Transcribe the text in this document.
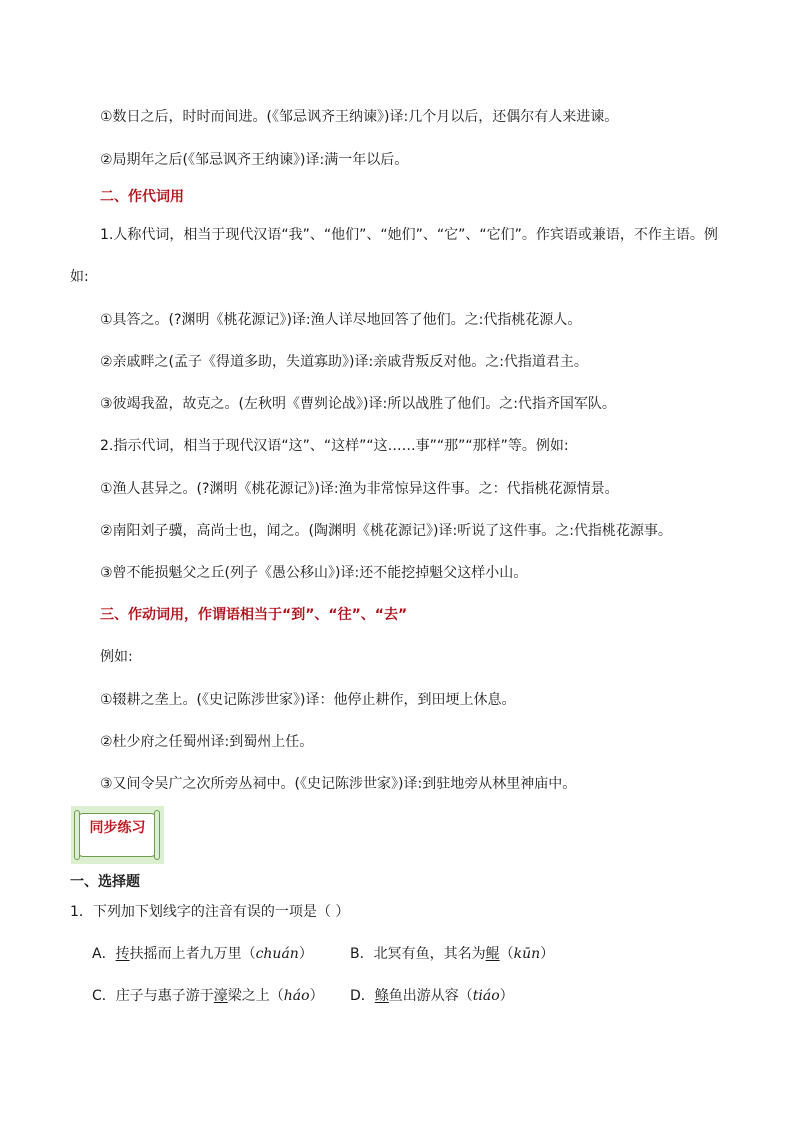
①数日之后，时时而间进。(《邹忌讽齐王纳谏》)译:几个月以后，还偶尔有人来进谏。
②局期年之后(《邹忌讽齐王纳谏》)译:满一年以后。
二、作代词用
1.人称代词，相当于现代汉语“我”、“他们”、“她们”、“它”、“它们”。作宾语或兼语，不作主语。例
如:
①具答之。(?渊明《桃花源记》)译:渔人详尽地回答了他们。之:代指桃花源人。
②亲戚畔之(孟子《得道多助，失道寡助》)译:亲戚背叛反对他。之:代指道君主。
③彼竭我盈，故克之。(左秋明《曹刿论战》)译:所以战胜了他们。之:代指齐国军队。
2.指示代词，相当于现代汉语“这”、“这样”“这……事”“那”“那样”等。例如:
①渔人甚异之。(?渊明《桃花源记》)译:渔为非常惊异这件事。之：代指桃花源情景。
②南阳刘子骥，高尚士也，闻之。(陶渊明《桃花源记》)译:听说了这件事。之:代指桃花源事。
③曾不能损魁父之丘(列子《愚公移山》)译:还不能挖掉魁父这样小山。
三、作动词用，作谓语相当于“到”、“往”、“去”
例如:
①辍耕之垄上。(《史记陈涉世家》)译：他停止耕作，到田埂上休息。
②杜少府之任蜀州译:到蜀州上任。
③又间令吴广之次所旁丛祠中。(《史记陈涉世家》)译:到驻地旁从林里神庙中。
同步练习
一、选择题
1．下列加下划线字的注音有误的一项是（ ）
A．抟扶摇而上者九万里（chuán）	B．北冥有鱼，其名为鲲（kūn）
C．庄子与惠子游于濠梁之上（háo） D．鲦鱼出游从容（tiáo）
